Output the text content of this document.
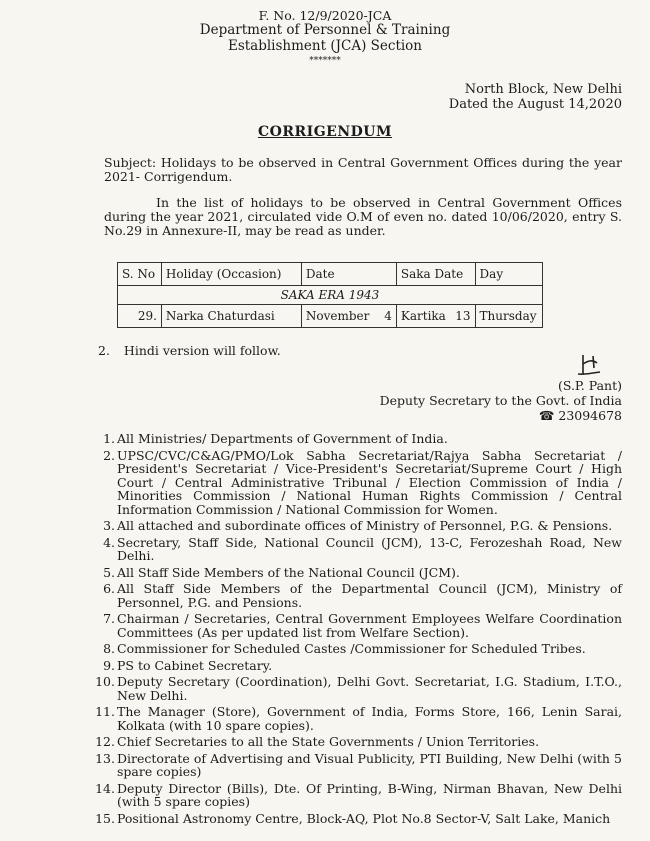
F. No. 12/9/2020-JCA
Department of Personnel & Training
Establishment (JCA) Section
*******
North Block, New Delhi
Dated the August 14,2020
CORRIGENDUM
Subject: Holidays to be observed in Central Government Offices during the year 2021- Corrigendum.
In the list of holidays to be observed in Central Government Offices during the year 2021, circulated vide O.M of even no. dated 10/06/2020, entry S. No.29 in Annexure-II, may be read as under.
S. No	Holiday (Occasion)	Date	Saka Date	Day
SAKA ERA 1943				
29.	Narka Chaturdasi	November 4	Kartika 13	Thursday
2. Hindi version will follow.
(S.P. Pant)
Deputy Secretary to the Govt. of India
☎ 23094678
1. All Ministries/ Departments of Government of India.
2. UPSC/CVC/C&AG/PMO/Lok Sabha Secretariat/Rajya Sabha Secretariat / President's Secretariat / Vice-President's Secretariat/Supreme Court / High Court / Central Administrative Tribunal / Election Commission of India / Minorities Commission / National Human Rights Commission / Central Information Commission / National Commission for Women.
3. All attached and subordinate offices of Ministry of Personnel, P.G. & Pensions.
4. Secretary, Staff Side, National Council (JCM), 13-C, Ferozeshah Road, New Delhi.
5. All Staff Side Members of the National Council (JCM).
6. All Staff Side Members of the Departmental Council (JCM), Ministry of Personnel, P.G. and Pensions.
7. Chairman / Secretaries, Central Government Employees Welfare Coordination Committees (As per updated list from Welfare Section).
8. Commissioner for Scheduled Castes /Commissioner for Scheduled Tribes.
9. PS to Cabinet Secretary.
10. Deputy Secretary (Coordination), Delhi Govt. Secretariat, I.G. Stadium, I.T.O., New Delhi.
11. The Manager (Store), Government of India, Forms Store, 166, Lenin Sarai, Kolkata (with 10 spare copies).
12. Chief Secretaries to all the State Governments / Union Territories.
13. Directorate of Advertising and Visual Publicity, PTI Building, New Delhi (with 5 spare copies)
14. Deputy Director (Bills), Dte. Of Printing, B-Wing, Nirman Bhavan, New Delhi (with 5 spare copies)
15. Positional Astronomy Centre, Block-AQ, Plot No.8 Sector-V, Salt Lake, Manich
